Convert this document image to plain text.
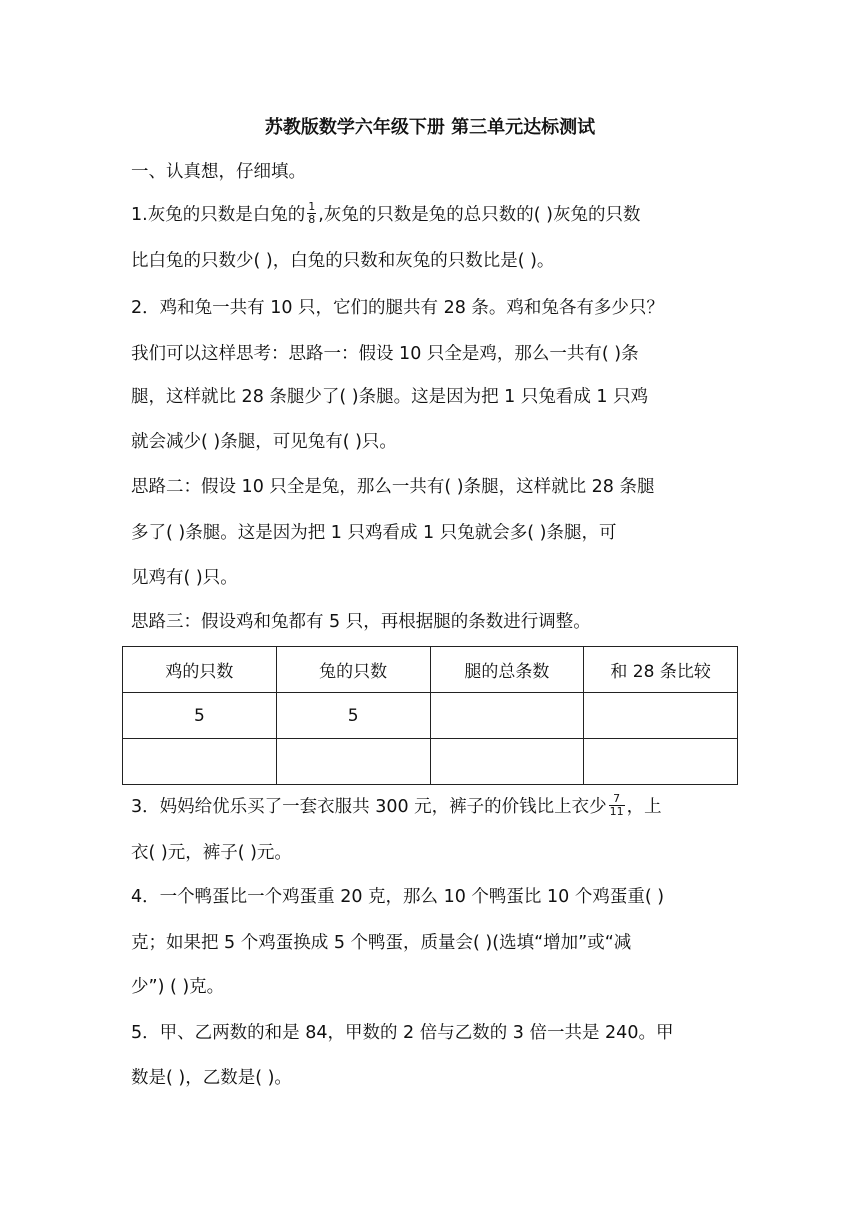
苏教版数学六年级下册 第三单元达标测试
一、认真想，仔细填。
1.灰兔的只数是白兔的 $\frac{1}{8}$ ,灰兔的只数是兔的总只数的( )灰兔的只数
比白兔的只数少( )，白兔的只数和灰兔的只数比是( )。
2．鸡和兔一共有 10 只，它们的腿共有 28 条。鸡和兔各有多少只？
我们可以这样思考：思路一：假设 10 只全是鸡，那么一共有( )条
腿，这样就比 28 条腿少了( )条腿。这是因为把 1 只兔看成 1 只鸡
就会减少( )条腿，可见兔有( )只。
思路二：假设 10 只全是兔，那么一共有( )条腿，这样就比 28 条腿
多了( )条腿。这是因为把 1 只鸡看成 1 只兔就会多( )条腿，可
见鸡有( )只。
思路三：假设鸡和兔都有 5 只，再根据腿的条数进行调整。
鸡的只数	兔的只数	腿的总条数	和 28 条比较
5	5		

3．妈妈给优乐买了一套衣服共 300 元，裤子的价钱比上衣少 $\frac{7}{11}$ ，上
衣( )元，裤子( )元。
4．一个鸭蛋比一个鸡蛋重 20 克，那么 10 个鸭蛋比 10 个鸡蛋重( )
克；如果把 5 个鸡蛋换成 5 个鸭蛋，质量会( )(选填“增加”或“减
少”) ( )克。
5．甲、乙两数的和是 84，甲数的 2 倍与乙数的 3 倍一共是 240。甲
数是( )，乙数是( )。
